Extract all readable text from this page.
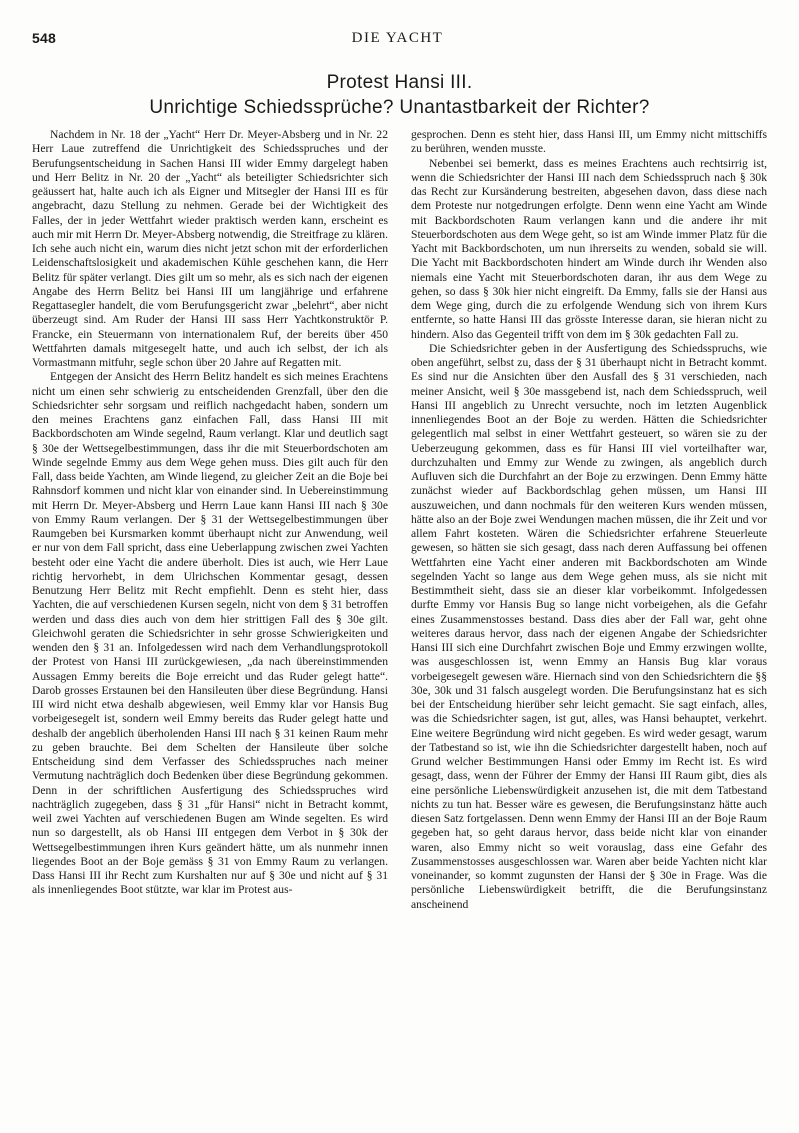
548	DIE YACHT
Protest Hansi III.
Unrichtige Schiedssprüche? Unantastbarkeit der Richter?

Nachdem in Nr. 18 der „Yacht“ Herr Dr. Meyer-Absberg und in Nr. 22 Herr Laue zutreffend die Unrichtigkeit des Schiedsspruches und der Berufungsentscheidung in Sachen Hansi III wider Emmy dargelegt haben und Herr Belitz in Nr. 20 der „Yacht“ als beteiligter Schiedsrichter sich geäussert hat, halte auch ich als Eigner und Mitsegler der Hansi III es für angebracht, dazu Stellung zu nehmen. Gerade bei der Wichtigkeit des Falles, der in jeder Wettfahrt wieder praktisch werden kann, erscheint es auch mir mit Herrn Dr. Meyer-Absberg notwendig, die Streitfrage zu klären. Ich sehe auch nicht ein, warum dies nicht jetzt schon mit der erforderlichen Leidenschaftslosigkeit und akademischen Kühle geschehen kann, die Herr Belitz für später verlangt. Dies gilt um so mehr, als es sich nach der eigenen Angabe des Herrn Belitz bei Hansi III um langjährige und erfahrene Regattasegler handelt, die vom Berufungsgericht zwar „belehrt“, aber nicht überzeugt sind. Am Ruder der Hansi III sass Herr Yachtkonstruktör P. Francke, ein Steuermann von internationalem Ruf, der bereits über 450 Wettfahrten damals mitgesegelt hatte, und auch ich selbst, der ich als Vormastmann mitfuhr, segle schon über 20 Jahre auf Regatten mit.

Entgegen der Ansicht des Herrn Belitz handelt es sich meines Erachtens nicht um einen sehr schwierig zu entscheidenden Grenzfall, über den die Schiedsrichter sehr sorgsam und reiflich nachgedacht haben, sondern um den meines Erachtens ganz einfachen Fall, dass Hansi III mit Backbordschoten am Winde segelnd, Raum verlangt. Klar und deutlich sagt § 30e der Wettsegelbestimmungen, dass ihr die mit Steuerbordschoten am Winde segelnde Emmy aus dem Wege gehen muss. Dies gilt auch für den Fall, dass beide Yachten, am Winde liegend, zu gleicher Zeit an die Boje bei Rahnsdorf kommen und nicht klar von einander sind. In Uebereinstimmung mit Herrn Dr. Meyer-Absberg und Herrn Laue kann Hansi III nach § 30e von Emmy Raum verlangen. Der § 31 der Wettsegelbestimmungen über Raumgeben bei Kursmarken kommt überhaupt nicht zur Anwendung, weil er nur von dem Fall spricht, dass eine Ueberlappung zwischen zwei Yachten besteht oder eine Yacht die andere überholt. Dies ist auch, wie Herr Laue richtig hervorhebt, in dem Ulrichschen Kommentar gesagt, dessen Benutzung Herr Belitz mit Recht empfiehlt. Denn es steht hier, dass Yachten, die auf verschiedenen Kursen segeln, nicht von dem § 31 betroffen werden und dass dies auch von dem hier strittigen Fall des § 30e gilt. Gleichwohl geraten die Schiedsrichter in sehr grosse Schwierigkeiten und wenden den § 31 an. Infolgedessen wird nach dem Verhandlungsprotokoll der Protest von Hansi III zurückgewiesen, „da nach übereinstimmenden Aussagen Emmy bereits die Boje erreicht und das Ruder gelegt hatte“. Darob grosses Erstaunen bei den Hansileuten über diese Begründung. Hansi III wird nicht etwa deshalb abgewiesen, weil Emmy klar vor Hansis Bug vorbeigesegelt ist, sondern weil Emmy bereits das Ruder gelegt hatte und deshalb der angeblich überholenden Hansi III nach § 31 keinen Raum mehr zu geben brauchte. Bei dem Schelten der Hansileute über solche Entscheidung sind dem Verfasser des Schiedsspruches nach meiner Vermutung nachträglich doch Bedenken über diese Begründung gekommen. Denn in der schriftlichen Ausfertigung des Schiedsspruches wird nachträglich zugegeben, dass § 31 „für Hansi“ nicht in Betracht kommt, weil zwei Yachten auf verschiedenen Bugen am Winde segelten. Es wird nun so dargestellt, als ob Hansi III entgegen dem Verbot in § 30k der Wettsegelbestimmungen ihren Kurs geändert hätte, um als nunmehr innen liegendes Boot an der Boje gemäss § 31 von Emmy Raum zu verlangen. Dass Hansi III ihr Recht zum Kurshalten nur auf § 30e und nicht auf § 31 als innenliegendes Boot stützte, war klar im Protest aus-

gesprochen. Denn es steht hier, dass Hansi III, um Emmy nicht mittschiffs zu berühren, wenden musste.

Nebenbei sei bemerkt, dass es meines Erachtens auch rechtsirrig ist, wenn die Schiedsrichter der Hansi III nach dem Schiedsspruch nach § 30k das Recht zur Kursänderung bestreiten, abgesehen davon, dass diese nach dem Proteste nur notgedrungen erfolgte. Denn wenn eine Yacht am Winde mit Backbordschoten Raum verlangen kann und die andere ihr mit Steuerbordschoten aus dem Wege geht, so ist am Winde immer Platz für die Yacht mit Backbordschoten, um nun ihrerseits zu wenden, sobald sie will. Die Yacht mit Backbordschoten hindert am Winde durch ihr Wenden also niemals eine Yacht mit Steuerbordschoten daran, ihr aus dem Wege zu gehen, so dass § 30k hier nicht eingreift. Da Emmy, falls sie der Hansi aus dem Wege ging, durch die zu erfolgende Wendung sich von ihrem Kurs entfernte, so hatte Hansi III das grösste Interesse daran, sie hieran nicht zu hindern. Also das Gegenteil trifft von dem im § 30k gedachten Fall zu.

Die Schiedsrichter geben in der Ausfertigung des Schiedsspruchs, wie oben angeführt, selbst zu, dass der § 31 überhaupt nicht in Betracht kommt. Es sind nur die Ansichten über den Ausfall des § 31 verschieden, nach meiner Ansicht, weil § 30e massgebend ist, nach dem Schiedsspruch, weil Hansi III angeblich zu Unrecht versuchte, noch im letzten Augenblick innenliegendes Boot an der Boje zu werden. Hätten die Schiedsrichter gelegentlich mal selbst in einer Wettfahrt gesteuert, so wären sie zu der Ueberzeugung gekommen, dass es für Hansi III viel vorteilhafter war, durchzuhalten und Emmy zur Wende zu zwingen, als angeblich durch Aufluven sich die Durchfahrt an der Boje zu erzwingen. Denn Emmy hätte zunächst wieder auf Backbordschlag gehen müssen, um Hansi III auszuweichen, und dann nochmals für den weiteren Kurs wenden müssen, hätte also an der Boje zwei Wendungen machen müssen, die ihr Zeit und vor allem Fahrt kosteten. Wären die Schiedsrichter erfahrene Steuerleute gewesen, so hätten sie sich gesagt, dass nach deren Auffassung bei offenen Wettfahrten eine Yacht einer anderen mit Backbordschoten am Winde segelnden Yacht so lange aus dem Wege gehen muss, als sie nicht mit Bestimmtheit sieht, dass sie an dieser klar vorbeikommt. Infolgedessen durfte Emmy vor Hansis Bug so lange nicht vorbeigehen, als die Gefahr eines Zusammenstosses bestand. Dass dies aber der Fall war, geht ohne weiteres daraus hervor, dass nach der eigenen Angabe der Schiedsrichter Hansi III sich eine Durchfahrt zwischen Boje und Emmy erzwingen wollte, was ausgeschlossen ist, wenn Emmy an Hansis Bug klar voraus vorbeigesegelt gewesen wäre. Hiernach sind von den Schiedsrichtern die §§ 30e, 30k und 31 falsch ausgelegt worden. Die Berufungsinstanz hat es sich bei der Entscheidung hierüber sehr leicht gemacht. Sie sagt einfach, alles, was die Schiedsrichter sagen, ist gut, alles, was Hansi behauptet, verkehrt. Eine weitere Begründung wird nicht gegeben. Es wird weder gesagt, warum der Tatbestand so ist, wie ihn die Schiedsrichter dargestellt haben, noch auf Grund welcher Bestimmungen Hansi oder Emmy im Recht ist. Es wird gesagt, dass, wenn der Führer der Emmy der Hansi III Raum gibt, dies als eine persönliche Liebenswürdigkeit anzusehen ist, die mit dem Tatbestand nichts zu tun hat. Besser wäre es gewesen, die Berufungsinstanz hätte auch diesen Satz fortgelassen. Denn wenn Emmy der Hansi III an der Boje Raum gegeben hat, so geht daraus hervor, dass beide nicht klar von einander waren, also Emmy nicht so weit vorauslag, dass eine Gefahr des Zusammenstosses ausgeschlossen war. Waren aber beide Yachten nicht klar voneinander, so kommt zugunsten der Hansi der § 30e in Frage. Was die persönliche Liebenswürdigkeit betrifft, die die Berufungsinstanz anscheinend
